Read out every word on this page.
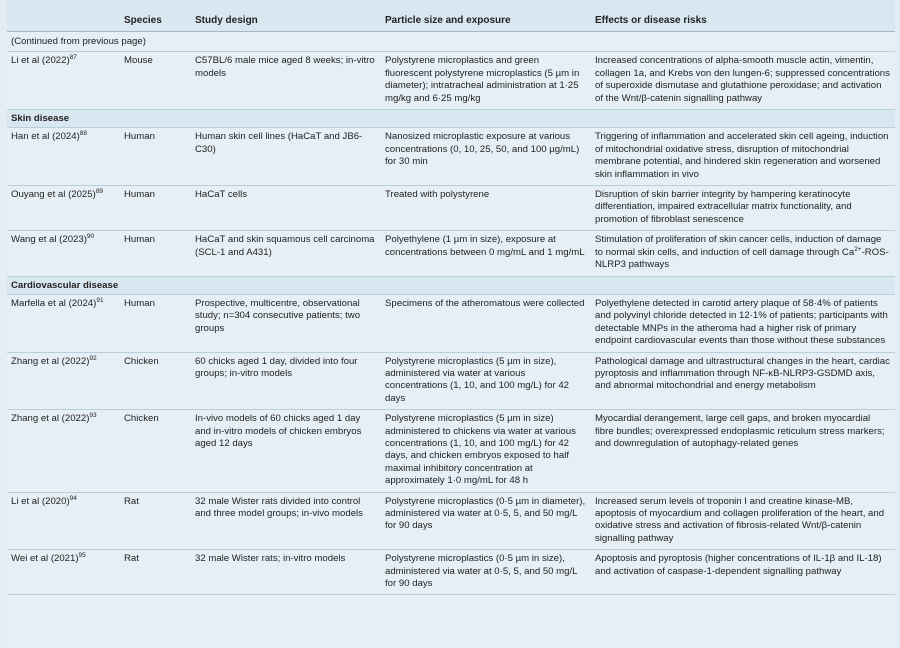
	Species	Study design	Particle size and exposure	Effects or disease risks
(Continued from previous page)				
Li et al $(2022)^{87}$	Mouse	C57BL/6 male mice aged 8 weeks; in-vitro models	Polystyrene microplastics and green fluorescent polystyrene microplastics (5 µm in diameter); intratracheal administration at 1·25 mg/kg and 6·25 mg/kg	Increased concentrations of alpha-smooth muscle actin, vimentin, collagen 1a, and Krebs von den lungen-6; suppressed concentrations of superoxide dismutase and glutathione peroxidase; and activation of the Wnt/β-catenin signalling pathway
Skin disease				
Han et al $(2024)^{88}$	Human	Human skin cell lines (HaCaT and JB6-C30)	Nanosized microplastic exposure at various concentrations (0, 10, 25, 50, and 100 µg/mL) for 30 min	Triggering of inflammation and accelerated skin cell ageing, induction of mitochondrial oxidative stress, disruption of mitochondrial membrane potential, and hindered skin regeneration and worsened skin inflammation in vivo
Ouyang et al $(2025)^{89}$	Human	HaCaT cells	Treated with polystyrene	Disruption of skin barrier integrity by hampering keratinocyte differentiation, impaired extracellular matrix functionality, and promotion of fibroblast senescence
Wang et al $(2023)^{90}$	Human	HaCaT and skin squamous cell carcinoma (SCL-1 and A431)	Polyethylene (1 µm in size), exposure at concentrations between 0 mg/mL and 1 mg/mL	Stimulation of proliferation of skin cancer cells, induction of damage to normal skin cells, and induction of cell damage through $Ca^{2+}-ROS-NLRP3$ pathways
Cardiovascular disease				
Marfella et al $(2024)^{91}$	Human	Prospective, multicentre, observational study; n=304 consecutive patients; two groups	Specimens of the atheromatous were collected	Polyethylene detected in carotid artery plaque of 58·4% of patients and polyvinyl chloride detected in 12·1% of patients; participants with detectable MNPs in the atheroma had a higher risk of primary endpoint cardiovascular events than those without these substances
Zhang et al $(2022)^{92}$	Chicken	60 chicks aged 1 day, divided into four groups; in-vitro models	Polystyrene microplastics (5 µm in size), administered via water at various concentrations (1, 10, and 100 mg/L) for 42 days	Pathological damage and ultrastructural changes in the heart, cardiac pyroptosis and inflammation through NF-κB-NLRP3-GSDMD axis, and abnormal mitochondrial and energy metabolism
Zhang et al $(2022)^{93}$	Chicken	In-vivo models of 60 chicks aged 1 day and in-vitro models of chicken embryos aged 12 days	Polystyrene microplastics (5 µm in size) administered to chickens via water at various concentrations (1, 10, and 100 mg/L) for 42 days, and chicken embryos exposed to half maximal inhibitory concentration at approximately 1·0 mg/mL for 48 h	Myocardial derangement, large cell gaps, and broken myocardial fibre bundles; overexpressed endoplasmic reticulum stress markers; and downregulation of autophagy-related genes
Li et al $(2020)^{94}$	Rat	32 male Wister rats divided into control and three model groups; in-vivo models	Polystyrene microplastics (0·5 µm in diameter), administered via water at 0·5, 5, and 50 mg/L for 90 days	Increased serum levels of troponin I and creatine kinase-MB, apoptosis of myocardium and collagen proliferation of the heart, and oxidative stress and activation of fibrosis-related Wnt/β-catenin signalling pathway
Wei et al $(2021)^{95}$	Rat	32 male Wister rats; in-vitro models	Polystyrene microplastics (0·5 µm in size), administered via water at 0·5, 5, and 50 mg/L for 90 days	Apoptosis and pyroptosis (higher concentrations of IL-1β and IL-18) and activation of caspase-1-dependent signalling pathway
